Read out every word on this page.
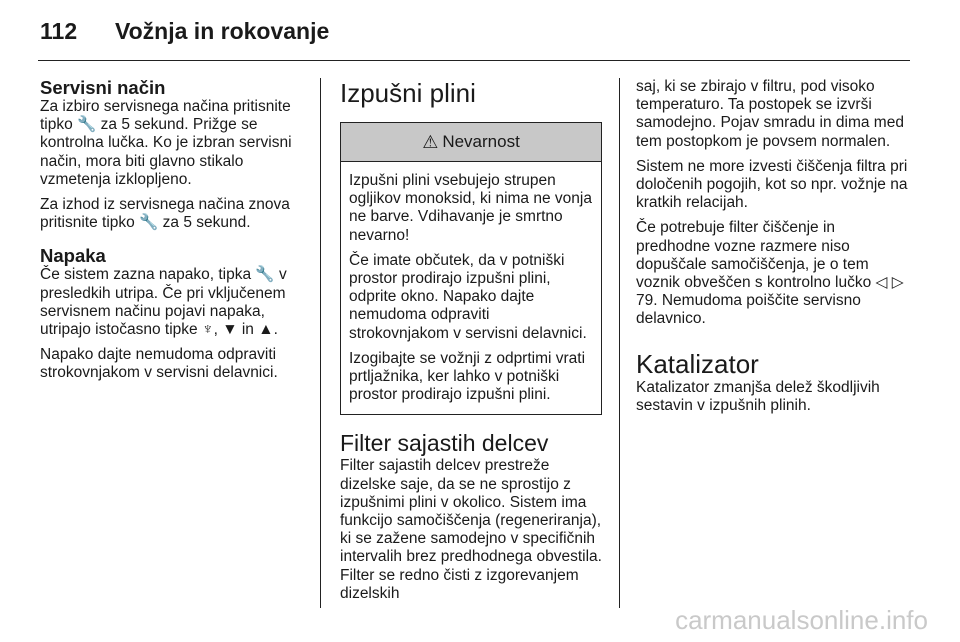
112 Vožnja in rokovanje
Servisni način

Za izbiro servisnega načina pritisnite tipko 🔧 za 5 sekund. Prižge se kontrolna lučka. Ko je izbran servisni način, mora biti glavno stikalo vzmetenja izklopljeno.

Za izhod iz servisnega načina znova pritisnite tipko 🔧 za 5 sekund.

Napaka

Če sistem zazna napako, tipka 🔧 v presledkih utripa. Če pri vključenem servisnem načinu pojavi napaka, utripajo istočasno tipke ♆, ▼ in ▲.

Napako dajte nemudoma odpraviti strokovnjakom v servisni delavnici.

Izpušni plini
⚠ Nevarnost

Izpušni plini vsebujejo strupen ogljikov monoksid, ki nima ne vonja ne barve. Vdihavanje je smrtno nevarno!

Če imate občutek, da v potniški prostor prodirajo izpušni plini, odprite okno. Napako dajte nemudoma odpraviti strokovnjakom v servisni delavnici.

Izogibajte se vožnji z odprtimi vrati prtljažnika, ker lahko v potniški prostor prodirajo izpušni plini.

Filter sajastih delcev

Filter sajastih delcev prestreže dizelske saje, da se ne sprostijo z izpušnimi plini v okolico. Sistem ima funkcijo samočiščenja (regeneriranja), ki se zažene samodejno v specifičnih intervalih brez predhodnega obvestila. Filter se redno čisti z izgorevanjem dizelskih

saj, ki se zbirajo v filtru, pod visoko temperaturo. Ta postopek se izvrši samodejno. Pojav smradu in dima med tem postopkom je povsem normalen.

Sistem ne more izvesti čiščenja filtra pri določenih pogojih, kot so npr. vožnje na kratkih relacijah.

Če potrebuje filter čiščenje in predhodne vozne razmere niso dopuščale samočiščenja, je o tem voznik obveščen s kontrolno lučko ◁ ▷ 79. Nemudoma poiščite servisno delavnico.

Katalizator

Katalizator zmanjša delež škodljivih sestavin v izpušnih plinih.

carmanualsonline.info
